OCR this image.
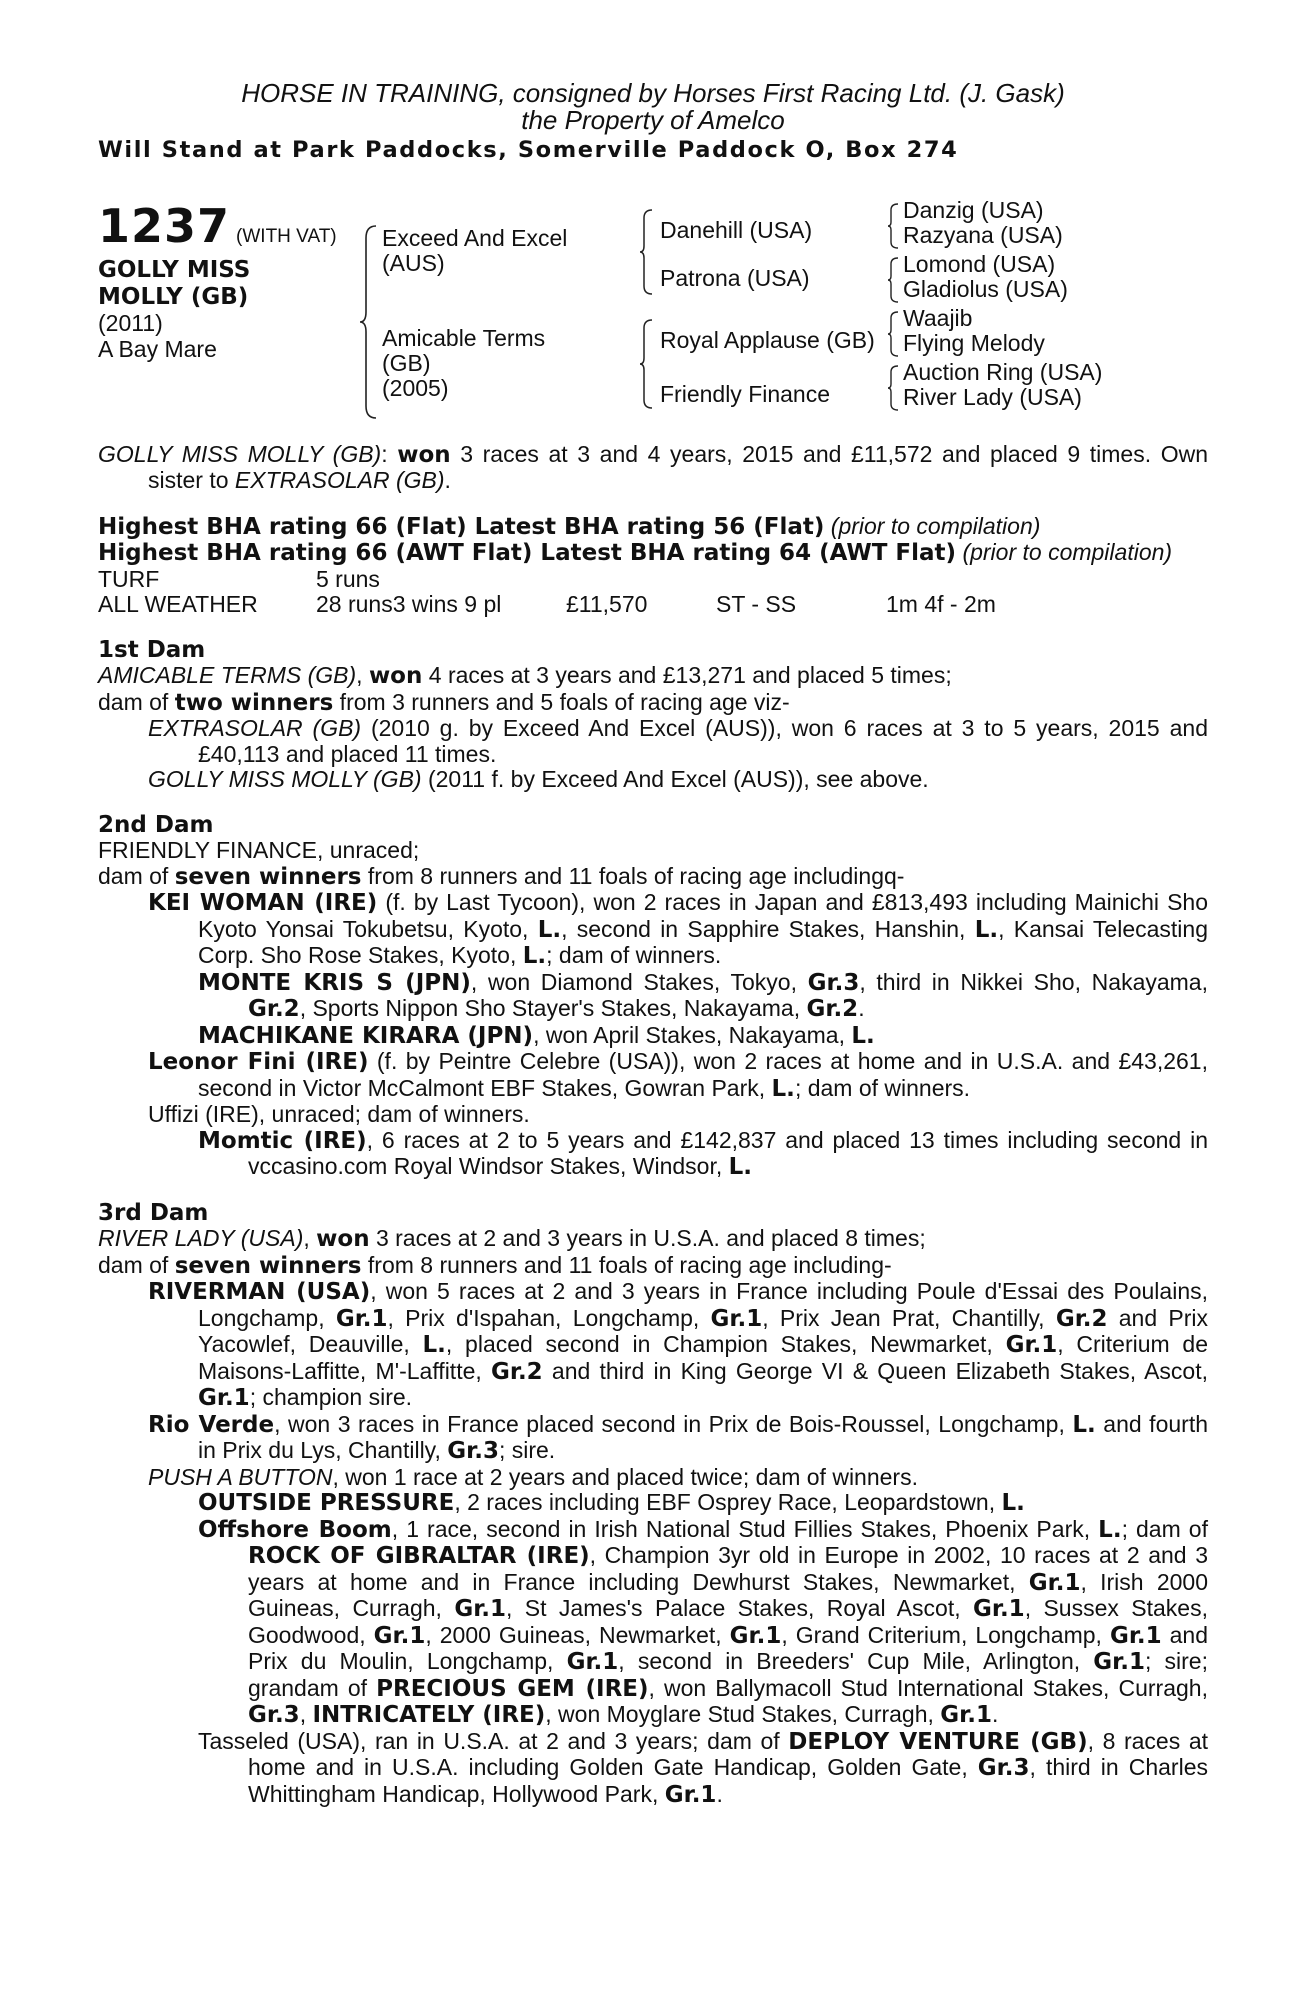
HORSE IN TRAINING, consigned by Horses First Racing Ltd. (J. Gask)
the Property of Amelco
Will Stand at Park Paddocks, Somerville Paddock O, Box 274
1237 (WITH VAT)
GOLLY MISS
MOLLY (GB)
(2011)
A Bay Mare
Exceed And Excel
(AUS)
Amicable Terms
(GB)
(2005)
Danehill (USA)
Patrona (USA)
Royal Applause (GB)
Friendly Finance
Danzig (USA)
Razyana (USA)
Lomond (USA)
Gladiolus (USA)
Waajib
Flying Melody
Auction Ring (USA)
River Lady (USA)

GOLLY MISS MOLLY (GB): won 3 races at 3 and 4 years, 2015 and £11,572 and placed 9 times. Own sister to EXTRASOLAR (GB).

Highest BHA rating 66 (Flat) Latest BHA rating 56 (Flat) (prior to compilation)

Highest BHA rating 66 (AWT Flat) Latest BHA rating 64 (AWT Flat) (prior to compilation)

TURF	5 runs
ALL WEATHER	28 runs3 wins 9 pl	£11,570	ST - SS	1m 4f - 2m

1st Dam

AMICABLE TERMS (GB), won 4 races at 3 years and £13,271 and placed 5 times;

dam of two winners from 3 runners and 5 foals of racing age viz-

EXTRASOLAR (GB) (2010 g. by Exceed And Excel (AUS)), won 6 races at 3 to 5 years, 2015 and £40,113 and placed 11 times.

GOLLY MISS MOLLY (GB) (2011 f. by Exceed And Excel (AUS)), see above.

2nd Dam

FRIENDLY FINANCE, unraced;

dam of seven winners from 8 runners and 11 foals of racing age includingq-

KEI WOMAN (IRE) (f. by Last Tycoon), won 2 races in Japan and £813,493 including Mainichi Sho Kyoto Yonsai Tokubetsu, Kyoto, L., second in Sapphire Stakes, Hanshin, L., Kansai Telecasting Corp. Sho Rose Stakes, Kyoto, L.; dam of winners.

MONTE KRIS S (JPN), won Diamond Stakes, Tokyo, Gr.3, third in Nikkei Sho, Nakayama, Gr.2, Sports Nippon Sho Stayer's Stakes, Nakayama, Gr.2.

MACHIKANE KIRARA (JPN), won April Stakes, Nakayama, L.

Leonor Fini (IRE) (f. by Peintre Celebre (USA)), won 2 races at home and in U.S.A. and £43,261, second in Victor McCalmont EBF Stakes, Gowran Park, L.; dam of winners.

Uffizi (IRE), unraced; dam of winners.

Momtic (IRE), 6 races at 2 to 5 years and £142,837 and placed 13 times including second in vccasino.com Royal Windsor Stakes, Windsor, L.

3rd Dam

RIVER LADY (USA), won 3 races at 2 and 3 years in U.S.A. and placed 8 times;

dam of seven winners from 8 runners and 11 foals of racing age including-

RIVERMAN (USA), won 5 races at 2 and 3 years in France including Poule d'Essai des Poulains, Longchamp, Gr.1, Prix d'Ispahan, Longchamp, Gr.1, Prix Jean Prat, Chantilly, Gr.2 and Prix Yacowlef, Deauville, L., placed second in Champion Stakes, Newmarket, Gr.1, Criterium de Maisons-Laffitte, M'-Laffitte, Gr.2 and third in King George VI & Queen Elizabeth Stakes, Ascot, Gr.1; champion sire.

Rio Verde, won 3 races in France placed second in Prix de Bois-Roussel, Longchamp, L. and fourth in Prix du Lys, Chantilly, Gr.3; sire.

PUSH A BUTTON, won 1 race at 2 years and placed twice; dam of winners.

OUTSIDE PRESSURE, 2 races including EBF Osprey Race, Leopardstown, L.

Offshore Boom, 1 race, second in Irish National Stud Fillies Stakes, Phoenix Park, L.; dam of ROCK OF GIBRALTAR (IRE), Champion 3yr old in Europe in 2002, 10 races at 2 and 3 years at home and in France including Dewhurst Stakes, Newmarket, Gr.1, Irish 2000 Guineas, Curragh, Gr.1, St James's Palace Stakes, Royal Ascot, Gr.1, Sussex Stakes, Goodwood, Gr.1, 2000 Guineas, Newmarket, Gr.1, Grand Criterium, Longchamp, Gr.1 and Prix du Moulin, Longchamp, Gr.1, second in Breeders' Cup Mile, Arlington, Gr.1; sire; grandam of PRECIOUS GEM (IRE), won Ballymacoll Stud International Stakes, Curragh, Gr.3, INTRICATELY (IRE), won Moyglare Stud Stakes, Curragh, Gr.1.

Tasseled (USA), ran in U.S.A. at 2 and 3 years; dam of DEPLOY VENTURE (GB), 8 races at home and in U.S.A. including Golden Gate Handicap, Golden Gate, Gr.3, third in Charles Whittingham Handicap, Hollywood Park, Gr.1.
